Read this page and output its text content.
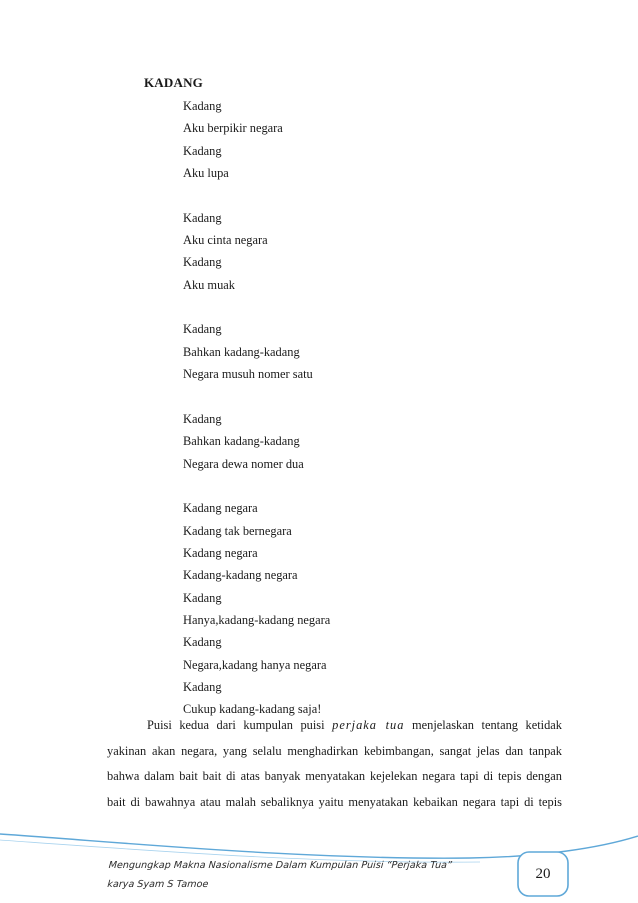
KADANG
Kadang
Aku berpikir negara
Kadang
Aku lupa
Kadang
Aku cinta negara
Kadang
Aku muak
Kadang
Bahkan kadang-kadang
Negara musuh nomer satu
Kadang
Bahkan kadang-kadang
Negara dewa nomer dua
Kadang negara
Kadang tak bernegara
Kadang negara
Kadang-kadang negara
Kadang
Hanya,kadang-kadang negara
Kadang
Negara,kadang hanya negara
Kadang
Cukup kadang-kadang saja!
Puisi kedua dari kumpulan puisi perjaka tua menjelaskan tentang ketidak
yakinan akan negara, yang selalu menghadirkan kebimbangan, sangat jelas dan tanpak
bahwa dalam bait bait di atas banyak menyatakan kejelekan negara tapi di tepis dengan
bait di bawahnya atau malah sebaliknya yaitu menyatakan kebaikan negara tapi di tepis
Mengungkap Makna Nasionalisme Dalam Kumpulan Puisi “Perjaka Tua”
karya Syam S Tamoe
20
